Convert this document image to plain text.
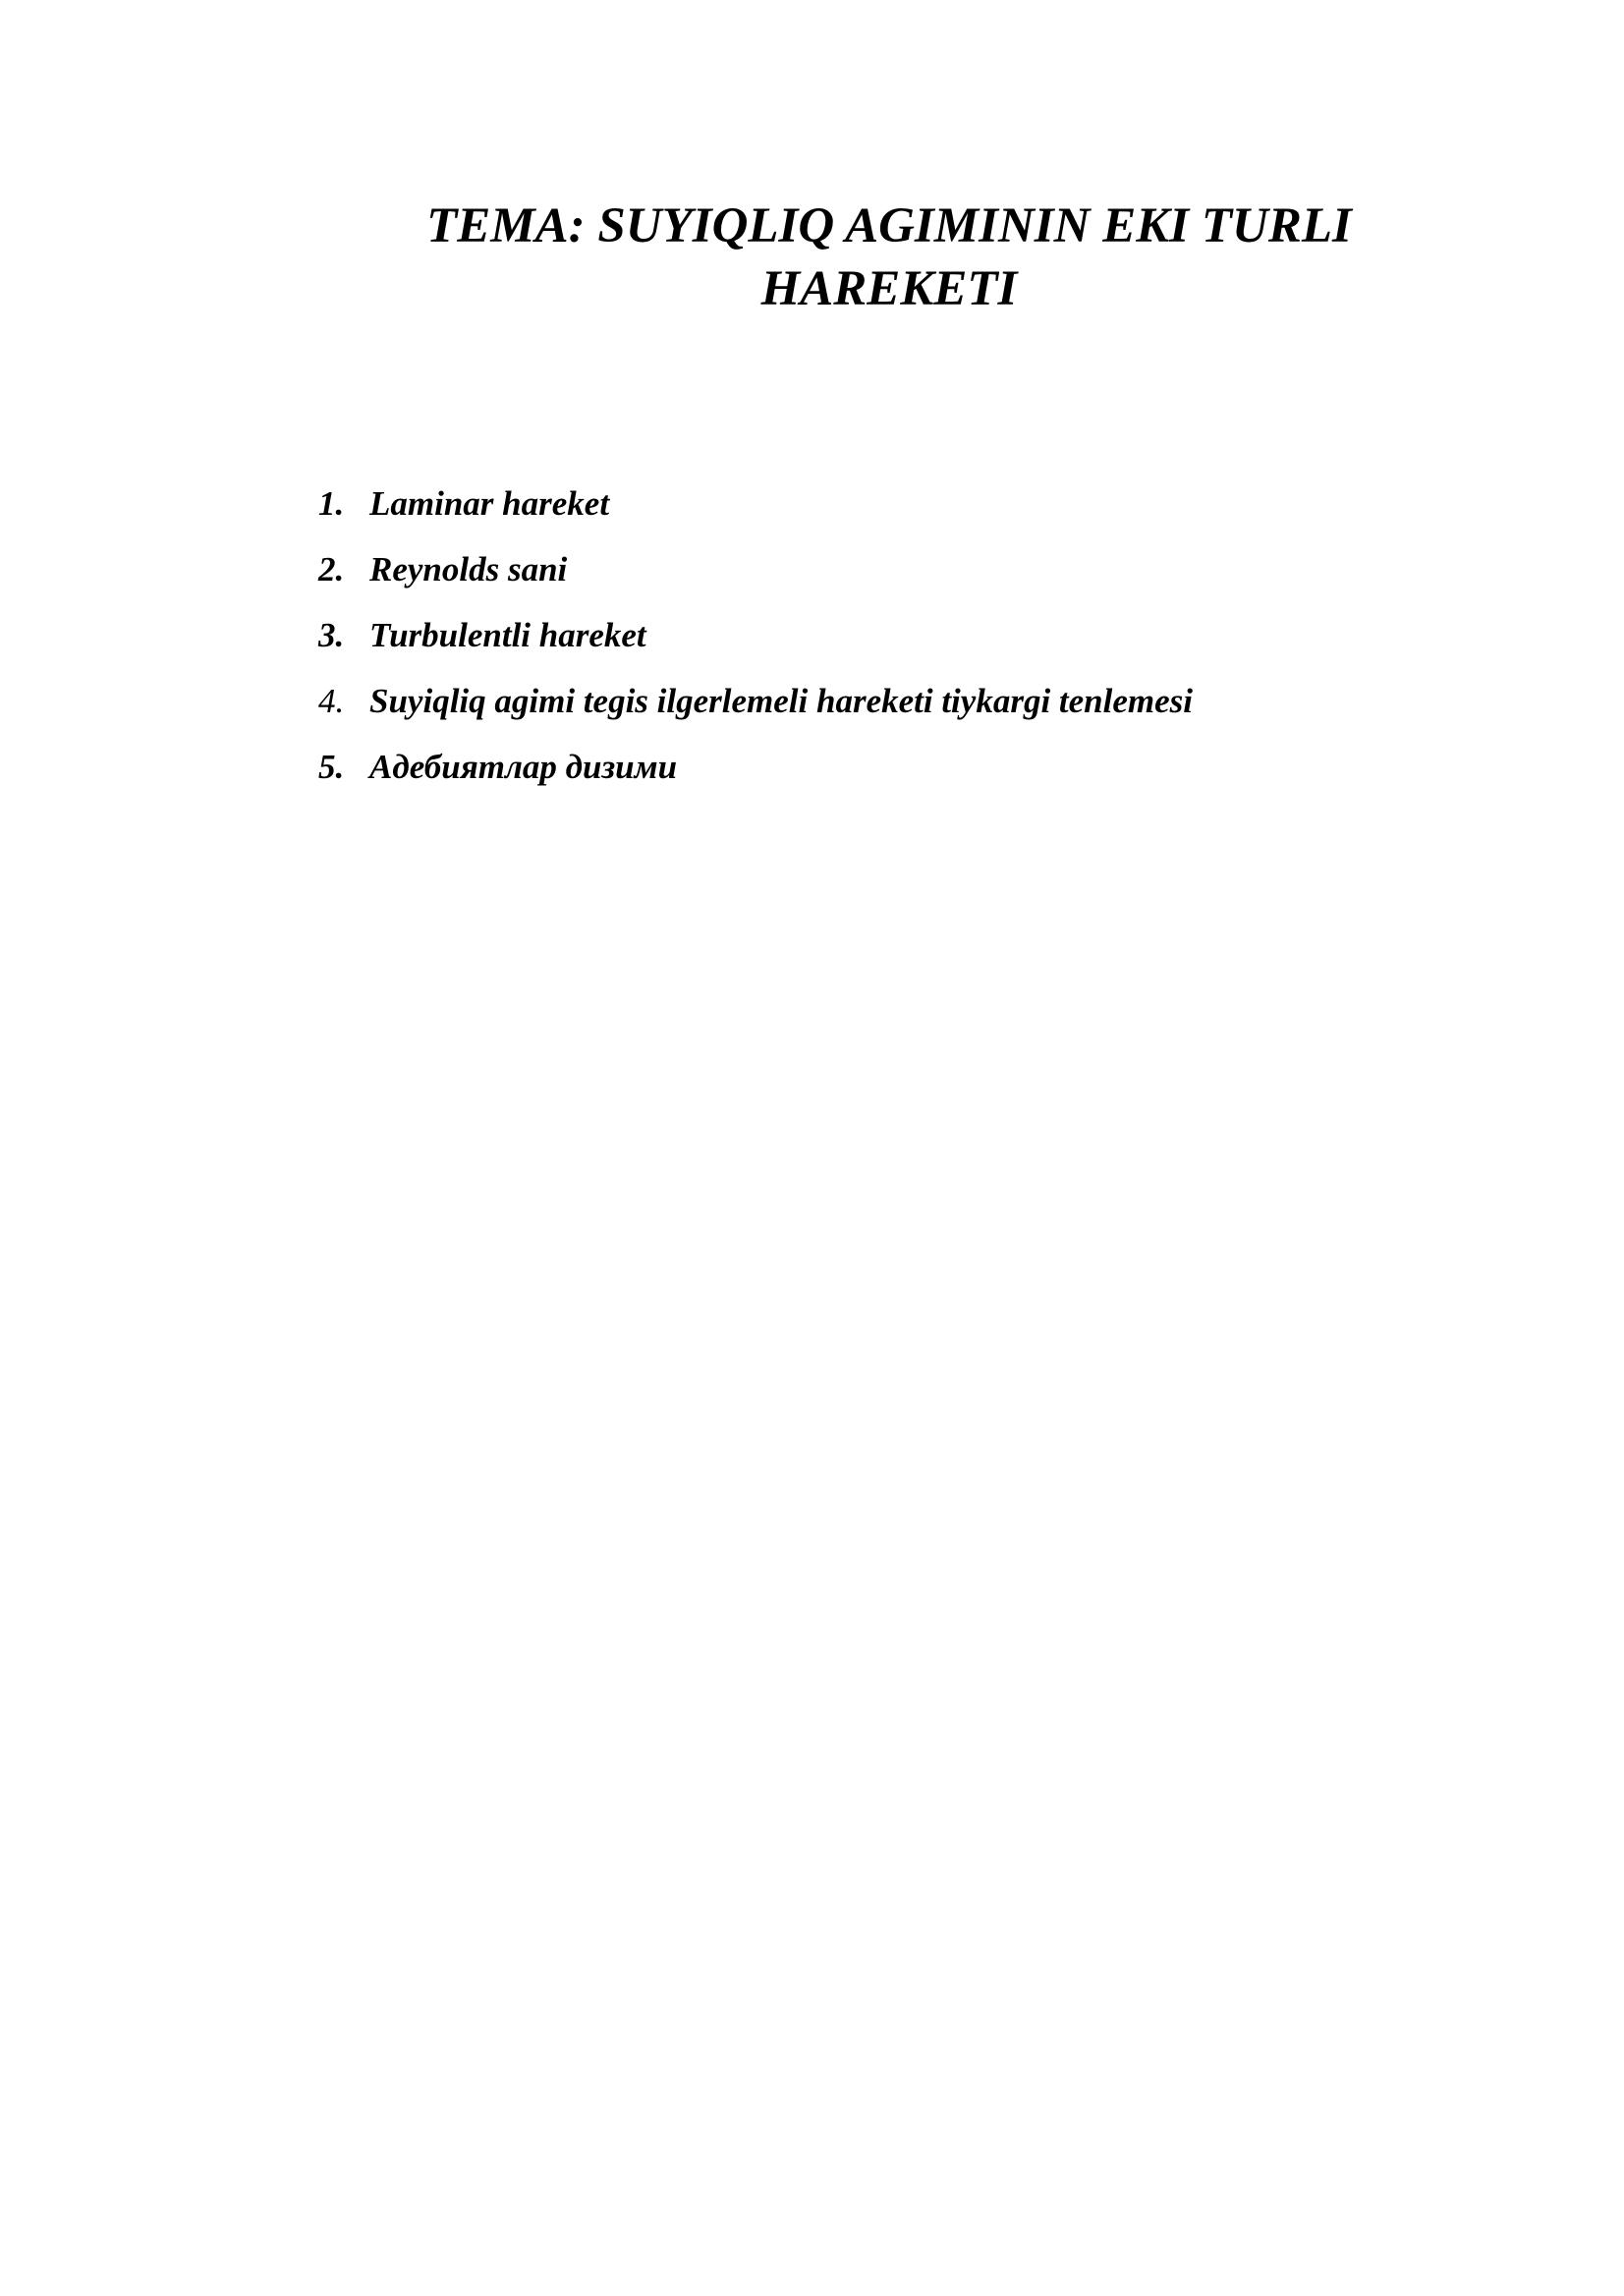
TEMA: SUYIQLIQ AGIMININ EKI TURLI
HAREKETI
1. Laminar hareket
2. Reynolds sani
3. Turbulentli hareket
4. Suyiqliq agimi tegis ilgerlemeli hareketi tiykargi tenlemesi
5. Адебиятлар дизими
